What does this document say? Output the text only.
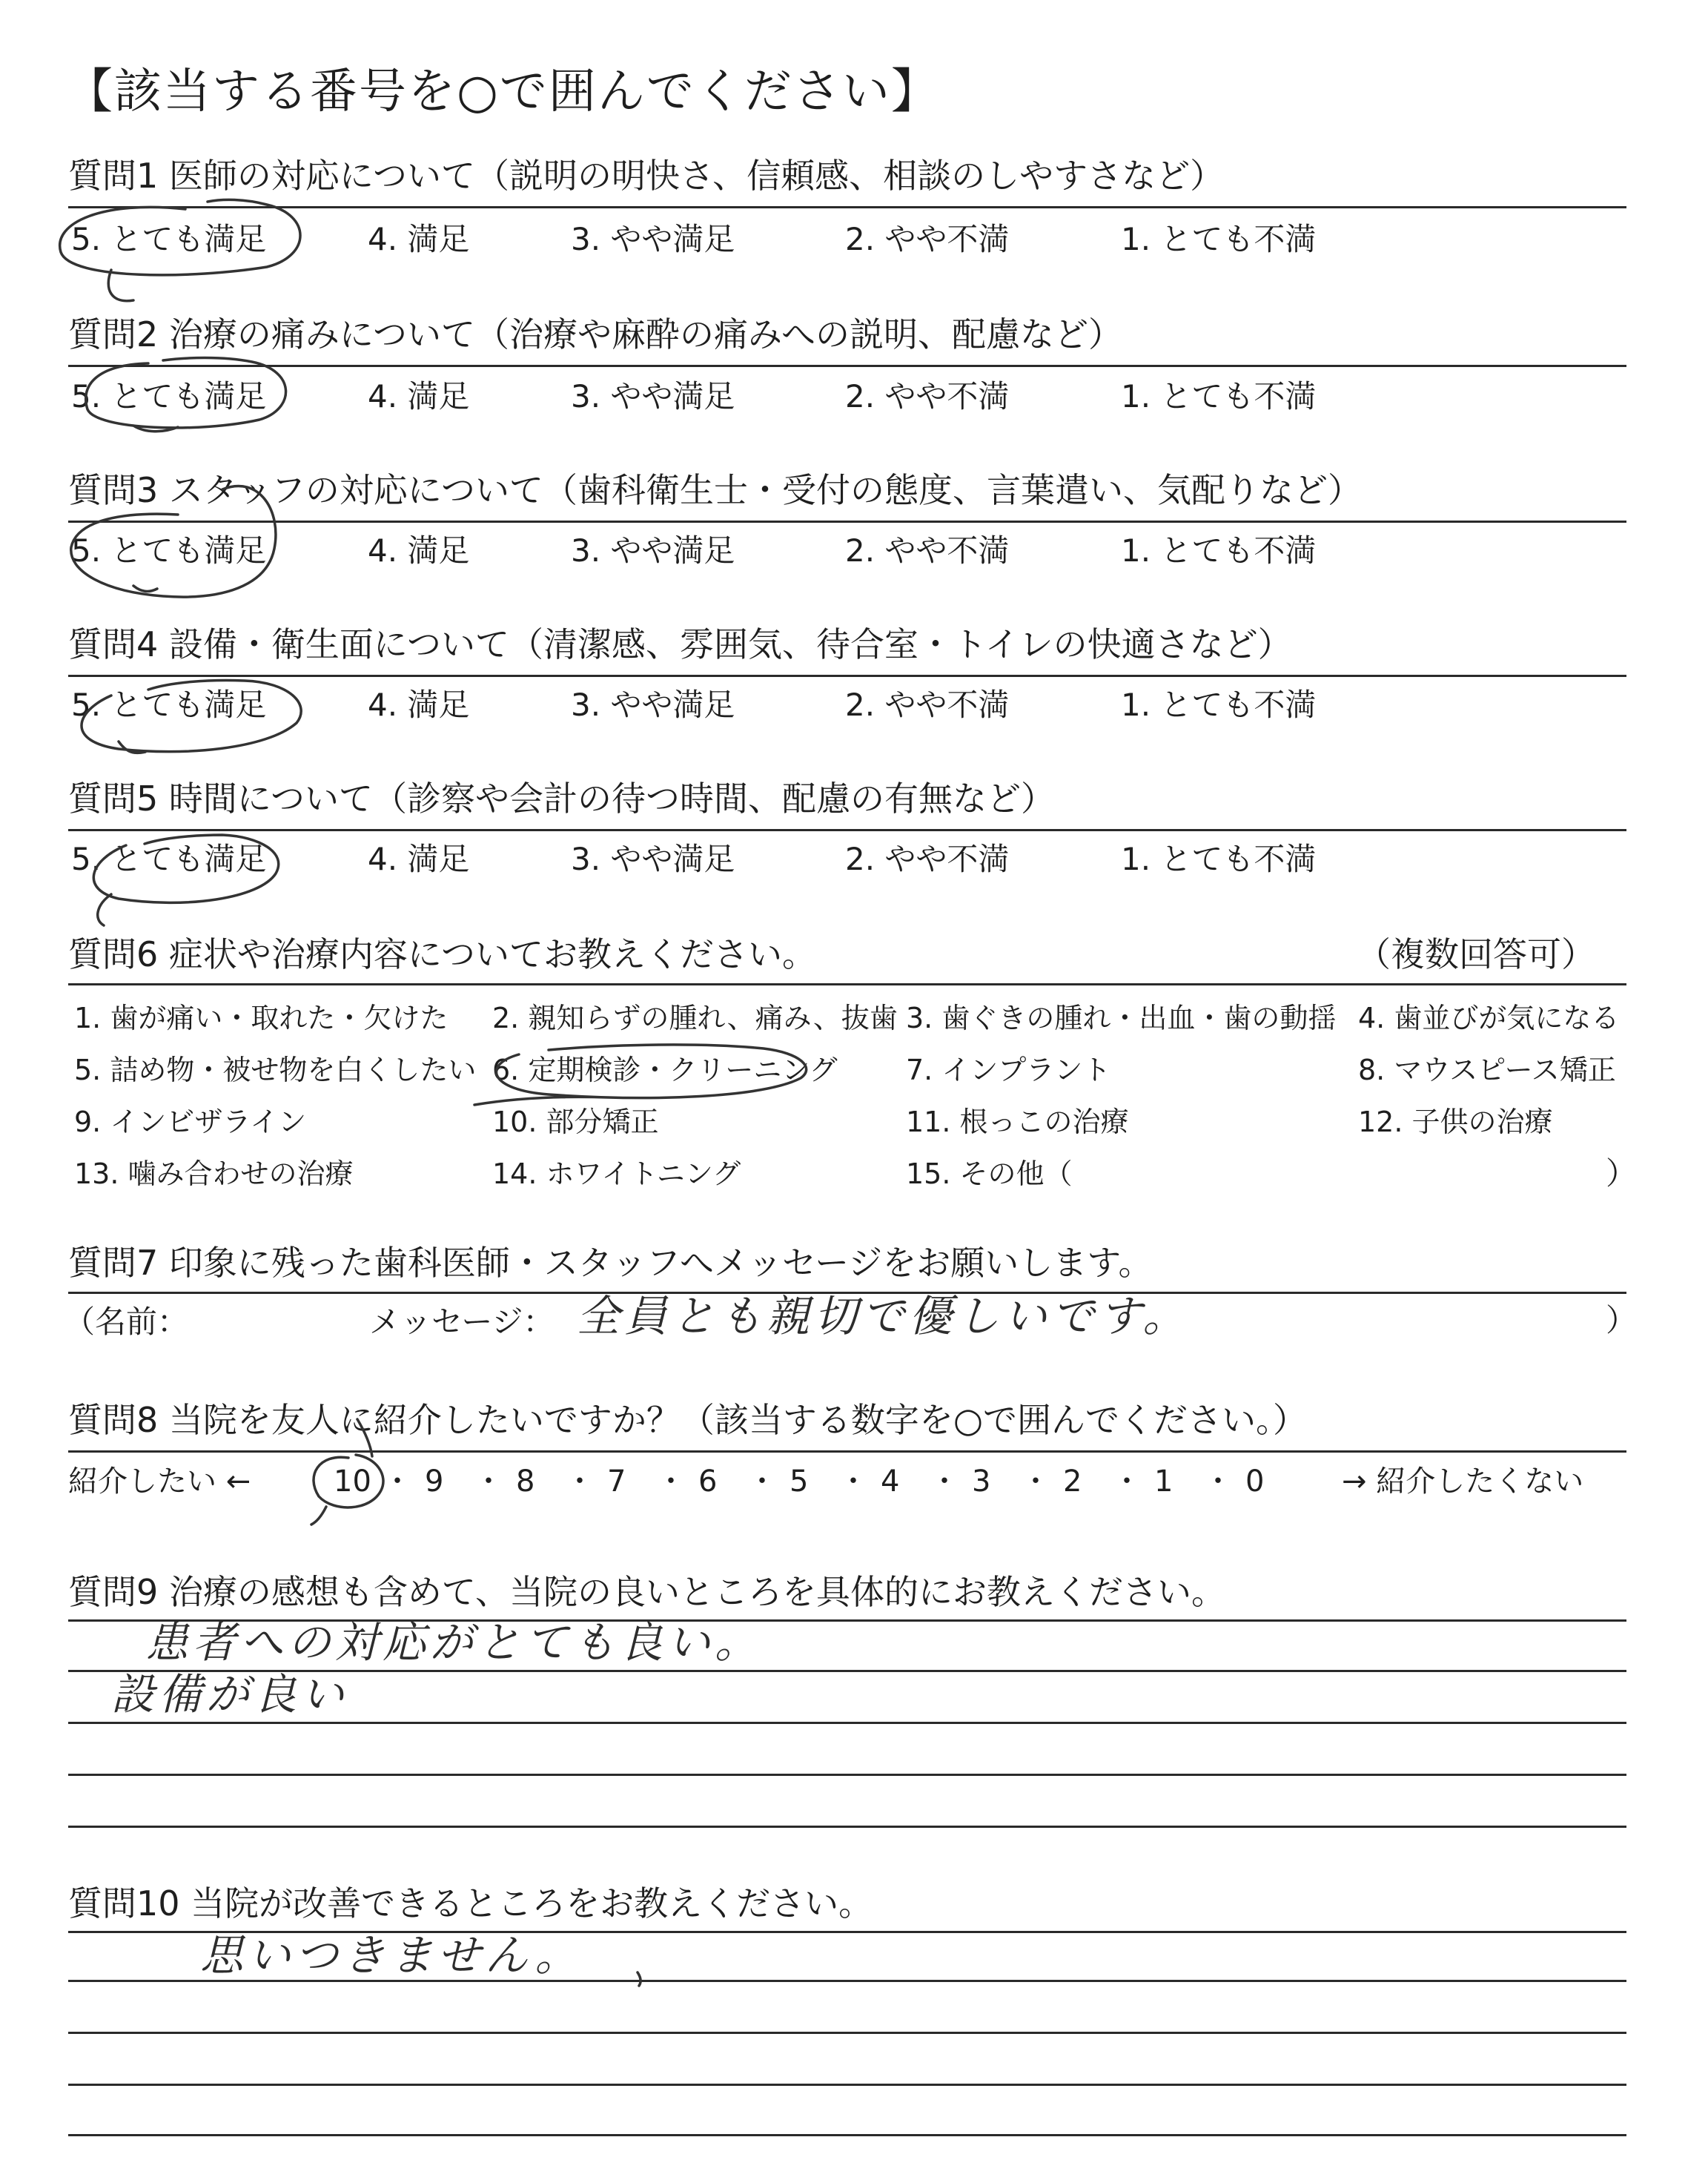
【該当する番号を○で囲んでください】
質問1 医師の対応について（説明の明快さ、信頼感、相談のしやすさなど）
5. とても満足	4. 満足	3. やや満足	2. やや不満	1. とても不満
質問2 治療の痛みについて（治療や麻酔の痛みへの説明、配慮など）
5. とても満足	4. 満足	3. やや満足	2. やや不満	1. とても不満
質問3 スタッフの対応について（歯科衛生士・受付の態度、言葉遣い、気配りなど）
5. とても満足	4. 満足	3. やや満足	2. やや不満	1. とても不満
質問4 設備・衛生面について（清潔感、雰囲気、待合室・トイレの快適さなど）
5. とても満足	4. 満足	3. やや満足	2. やや不満	1. とても不満
質問5 時間について（診察や会計の待つ時間、配慮の有無など）
5. とても満足	4. 満足	3. やや満足	2. やや不満	1. とても不満
質問6 症状や治療内容についてお教えください。	（複数回答可）
1. 歯が痛い・取れた・欠けた 2. 親知らずの腫れ、痛み、抜歯 3. 歯ぐきの腫れ・出血・歯の動揺 4. 歯並びが気になる
5. 詰め物・被せ物を白くしたい 6. 定期検診・クリーニング 7. インプラント	8. マウスピース矯正
9. インビザライン	10. 部分矯正	11. 根っこの治療	12. 子供の治療
13. 噛み合わせの治療	14. ホワイトニング	15. その他（	）
質問7 印象に残った歯科医師・スタッフへメッセージをお願いします。
（名前：	メッセージ： 全員とも親切で優しいです。	）
質問8 当院を友人に紹介したいですか？（該当する数字を○で囲んでください。）
紹介したい ←	→ 紹介したくない
10 ・ 9 ・ 8 ・ 7 ・ 6 ・ 5 ・ 4 ・ 3 ・ 2 ・ 1 ・ 0
質問9 治療の感想も含めて、当院の良いところを具体的にお教えください。
患者への対応がとても良い。
設備が良い
質問10 当院が改善できるところをお教えください。
思いつきません。
